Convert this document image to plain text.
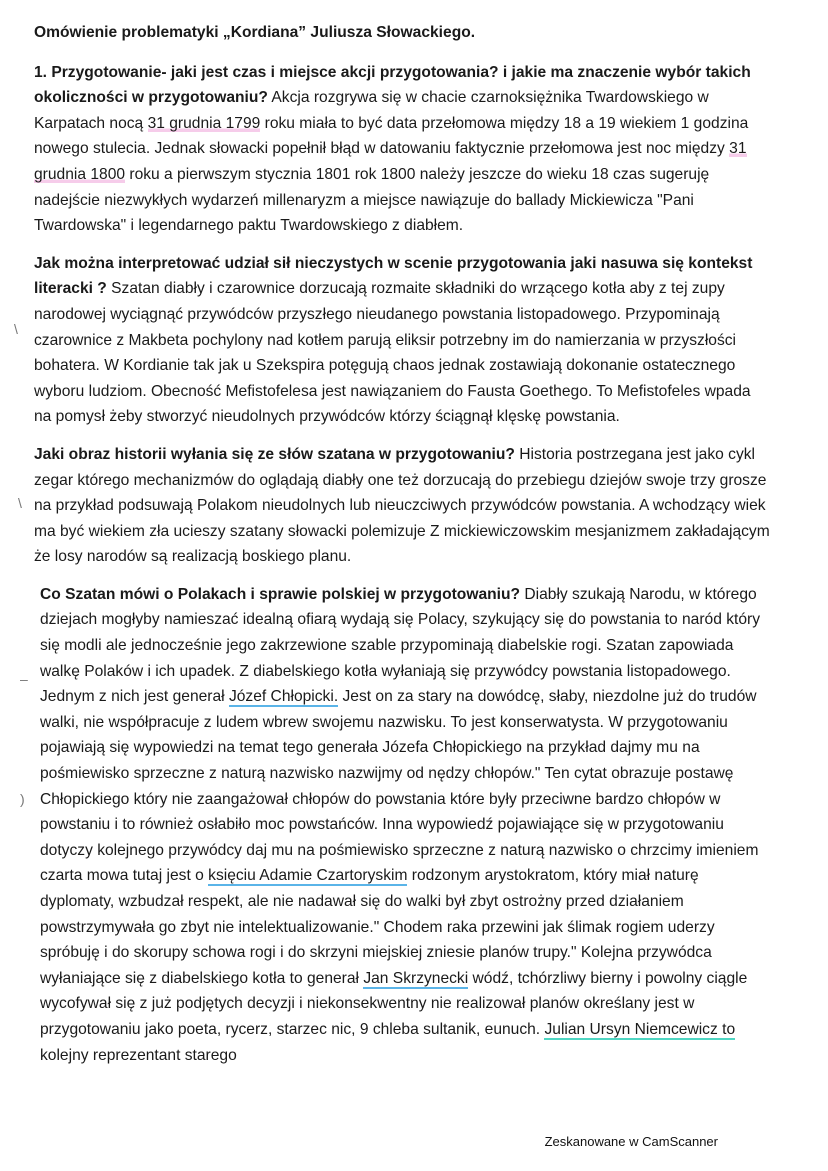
Omówienie problematyki „Kordiana” Juliusza Słowackiego.

1. Przygotowanie- jaki jest czas i miejsce akcji przygotowania? i jakie ma znaczenie wybór takich okoliczności w przygotowaniu? Akcja rozgrywa się w chacie czarnoksiężnika Twardowskiego w Karpatach nocą 31 grudnia 1799 roku miała to być data przełomowa między 18 a 19 wiekiem 1 godzina nowego stulecia. Jednak słowacki popełnił błąd w datowaniu faktycznie przełomowa jest noc między 31 grudnia 1800 roku a pierwszym stycznia 1801 rok 1800 należy jeszcze do wieku 18 czas sugeruję nadejście niezwykłych wydarzeń millenaryzm a miejsce nawiązuje do ballady Mickiewicza "Pani Twardowska" i legendarnego paktu Twardowskiego z diabłem.

Jak można interpretować udział sił nieczystych w scenie przygotowania jaki nasuwa się kontekst literacki ? Szatan diabły i czarownice dorzucają rozmaite składniki do wrzącego kotła aby z tej zupy narodowej wyciągnąć przywódców przyszłego nieudanego powstania listopadowego. Przypominają czarownice z Makbeta pochylony nad kotłem parują eliksir potrzebny im do namierzania w przyszłości bohatera. W Kordianie tak jak u Szekspira potęgują chaos jednak zostawiają dokonanie ostatecznego wyboru ludziom. Obecność Mefistofelesa jest nawiązaniem do Fausta Goethego. To Mefistofeles wpada na pomysł żeby stworzyć nieudolnych przywódców którzy ściągnął klęskę powstania.

Jaki obraz historii wyłania się ze słów szatana w przygotowaniu? Historia postrzegana jest jako cykl zegar którego mechanizmów do oglądają diabły one też dorzucają do przebiegu dziejów swoje trzy grosze na przykład podsuwają Polakom nieudolnych lub nieuczciwych przywódców powstania. A wchodzący wiek ma być wiekiem zła ucieszy szatany słowacki polemizuje Z mickiewiczowskim mesjanizmem zakładającym że losy narodów są realizacją boskiego planu.

Co Szatan mówi o Polakach i sprawie polskiej w przygotowaniu? Diabły szukają Narodu, w którego dziejach mogłyby namieszać idealną ofiarą wydają się Polacy, szykujący się do powstania to naród który się modli ale jednocześnie jego zakrzewione szable przypominają diabelskie rogi. Szatan zapowiada walkę Polaków i ich upadek. Z diabelskiego kotła wyłaniają się przywódcy powstania listopadowego. Jednym z nich jest generał Józef Chłopicki. Jest on za stary na dowódcę, słaby, niezdolne już do trudów walki, nie współpracuje z ludem wbrew swojemu nazwisku. To jest konserwatysta. W przygotowaniu pojawiają się wypowiedzi na temat tego generała Józefa Chłopickiego na przykład dajmy mu na pośmiewisko sprzeczne z naturą nazwisko nazwijmy od nędzy chłopów." Ten cytat obrazuje postawę Chłopickiego który nie zaangażował chłopów do powstania które były przeciwne bardzo chłopów w powstaniu i to również osłabiło moc powstańców. Inna wypowiedź pojawiające się w przygotowaniu dotyczy kolejnego przywódcy daj mu na pośmiewisko sprzeczne z naturą nazwisko o chrzcimy imieniem czarta mowa tutaj jest o księciu Adamie Czartoryskim rodzonym arystokratom, który miał naturę dyplomaty, wzbudzał respekt, ale nie nadawał się do walki był zbyt ostrożny przed działaniem powstrzymywała go zbyt nie intelektualizowanie." Chodem raka przewini jak ślimak rogiem uderzy spróbuję i do skorupy schowa rogi i do skrzyni miejskiej zniesie planów trupy." Kolejna przywódca wyłaniające się z diabelskiego kotła to generał Jan Skrzynecki wódź, tchórzliwy bierny i powolny ciągle wycofywał się z już podjętych decyzji i niekonsekwentny nie realizował planów określany jest w przygotowaniu jako poeta, rycerz, starzec nic, 9 chleba sultanik, eunuch. Julian Ursyn Niemcewicz to kolejny reprezentant starego

\
\
–
)
Zeskanowane w CamScanner
